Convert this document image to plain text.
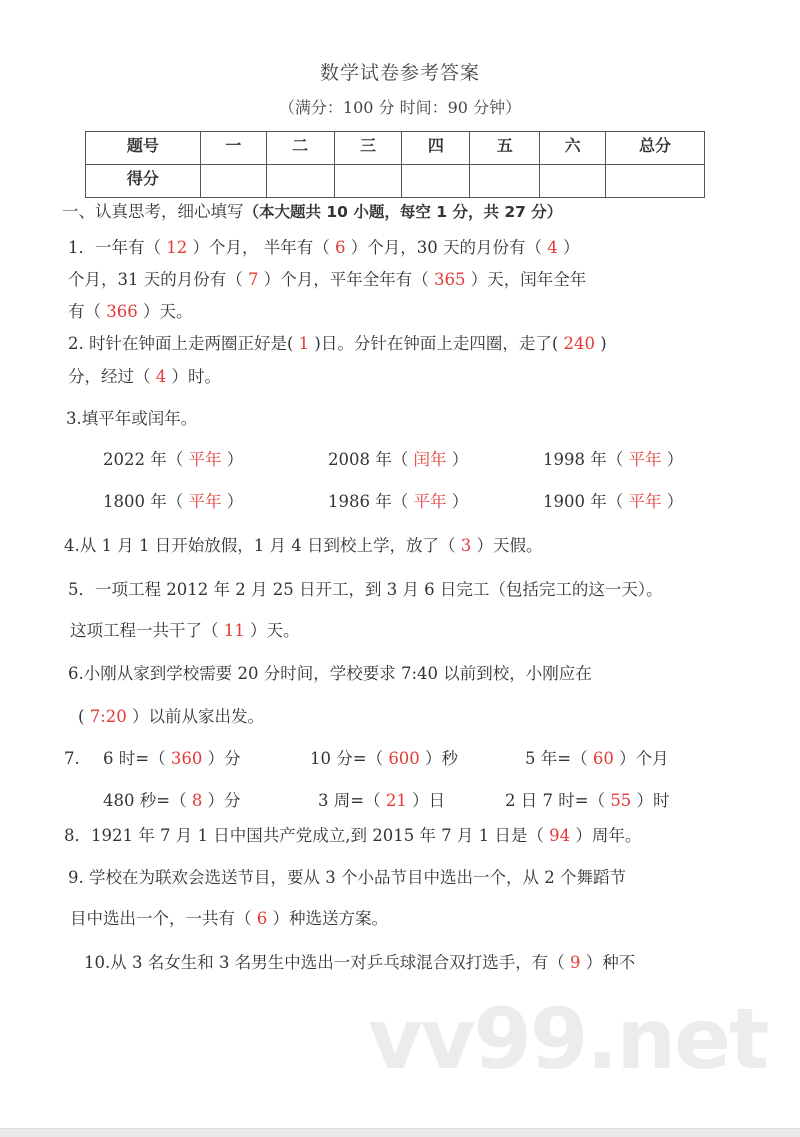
数学试卷参考答案
（满分：100 分 时间：90 分钟）
题号	一	二	三	四	五	六	总分
得分							
一、认真思考，细心填写（本大题共 10 小题，每空 1 分，共 27 分）
1．一年有（ 12 ）个月， 半年有（ 6 ）个月，30 天的月份有（ 4 ）
个月，31 天的月份有（ 7 ）个月，平年全年有（ 365 ）天，闰年全年
有（ 366 ）天。
2. 时针在钟面上走两圈正好是( 1 )日。分针在钟面上走四圈，走了( 240 )
分，经过（ 4 ）时。
3.填平年或闰年。
2022 年（ 平年 ）	2008 年（ 闰年 ）	1998 年（ 平年 ）
1800 年（ 平年 ）	1986 年（ 平年 ）	1900 年（ 平年 ）
4.从 1 月 1 日开始放假，1 月 4 日到校上学，放了（ 3 ）天假。
5．一项工程 2012 年 2 月 25 日开工，到 3 月 6 日完工（包括完工的这一天）。
这项工程一共干了（ 11 ）天。
6.小刚从家到学校需要 20 分时间，学校要求 7:40 以前到校，小刚应在
( 7:20 ）以前从家出发。
7. 6 时=（ 360 ）分	10 分=（ 600 ）秒	5 年=（ 60 ）个月
480 秒=（ 8 ）分	3 周=（ 21 ）日	2 日 7 时=（ 55 ）时
8．1921 年 7 月 1 日中国共产党成立,到 2015 年 7 月 1 日是（ 94 ）周年。
9. 学校在为联欢会选送节目，要从 3 个小品节目中选出一个，从 2 个舞蹈节
目中选出一个，一共有（ 6 ）种选送方案。
10.从 3 名女生和 3 名男生中选出一对乒乓球混合双打选手，有（ 9 ）种不
vv99.net
